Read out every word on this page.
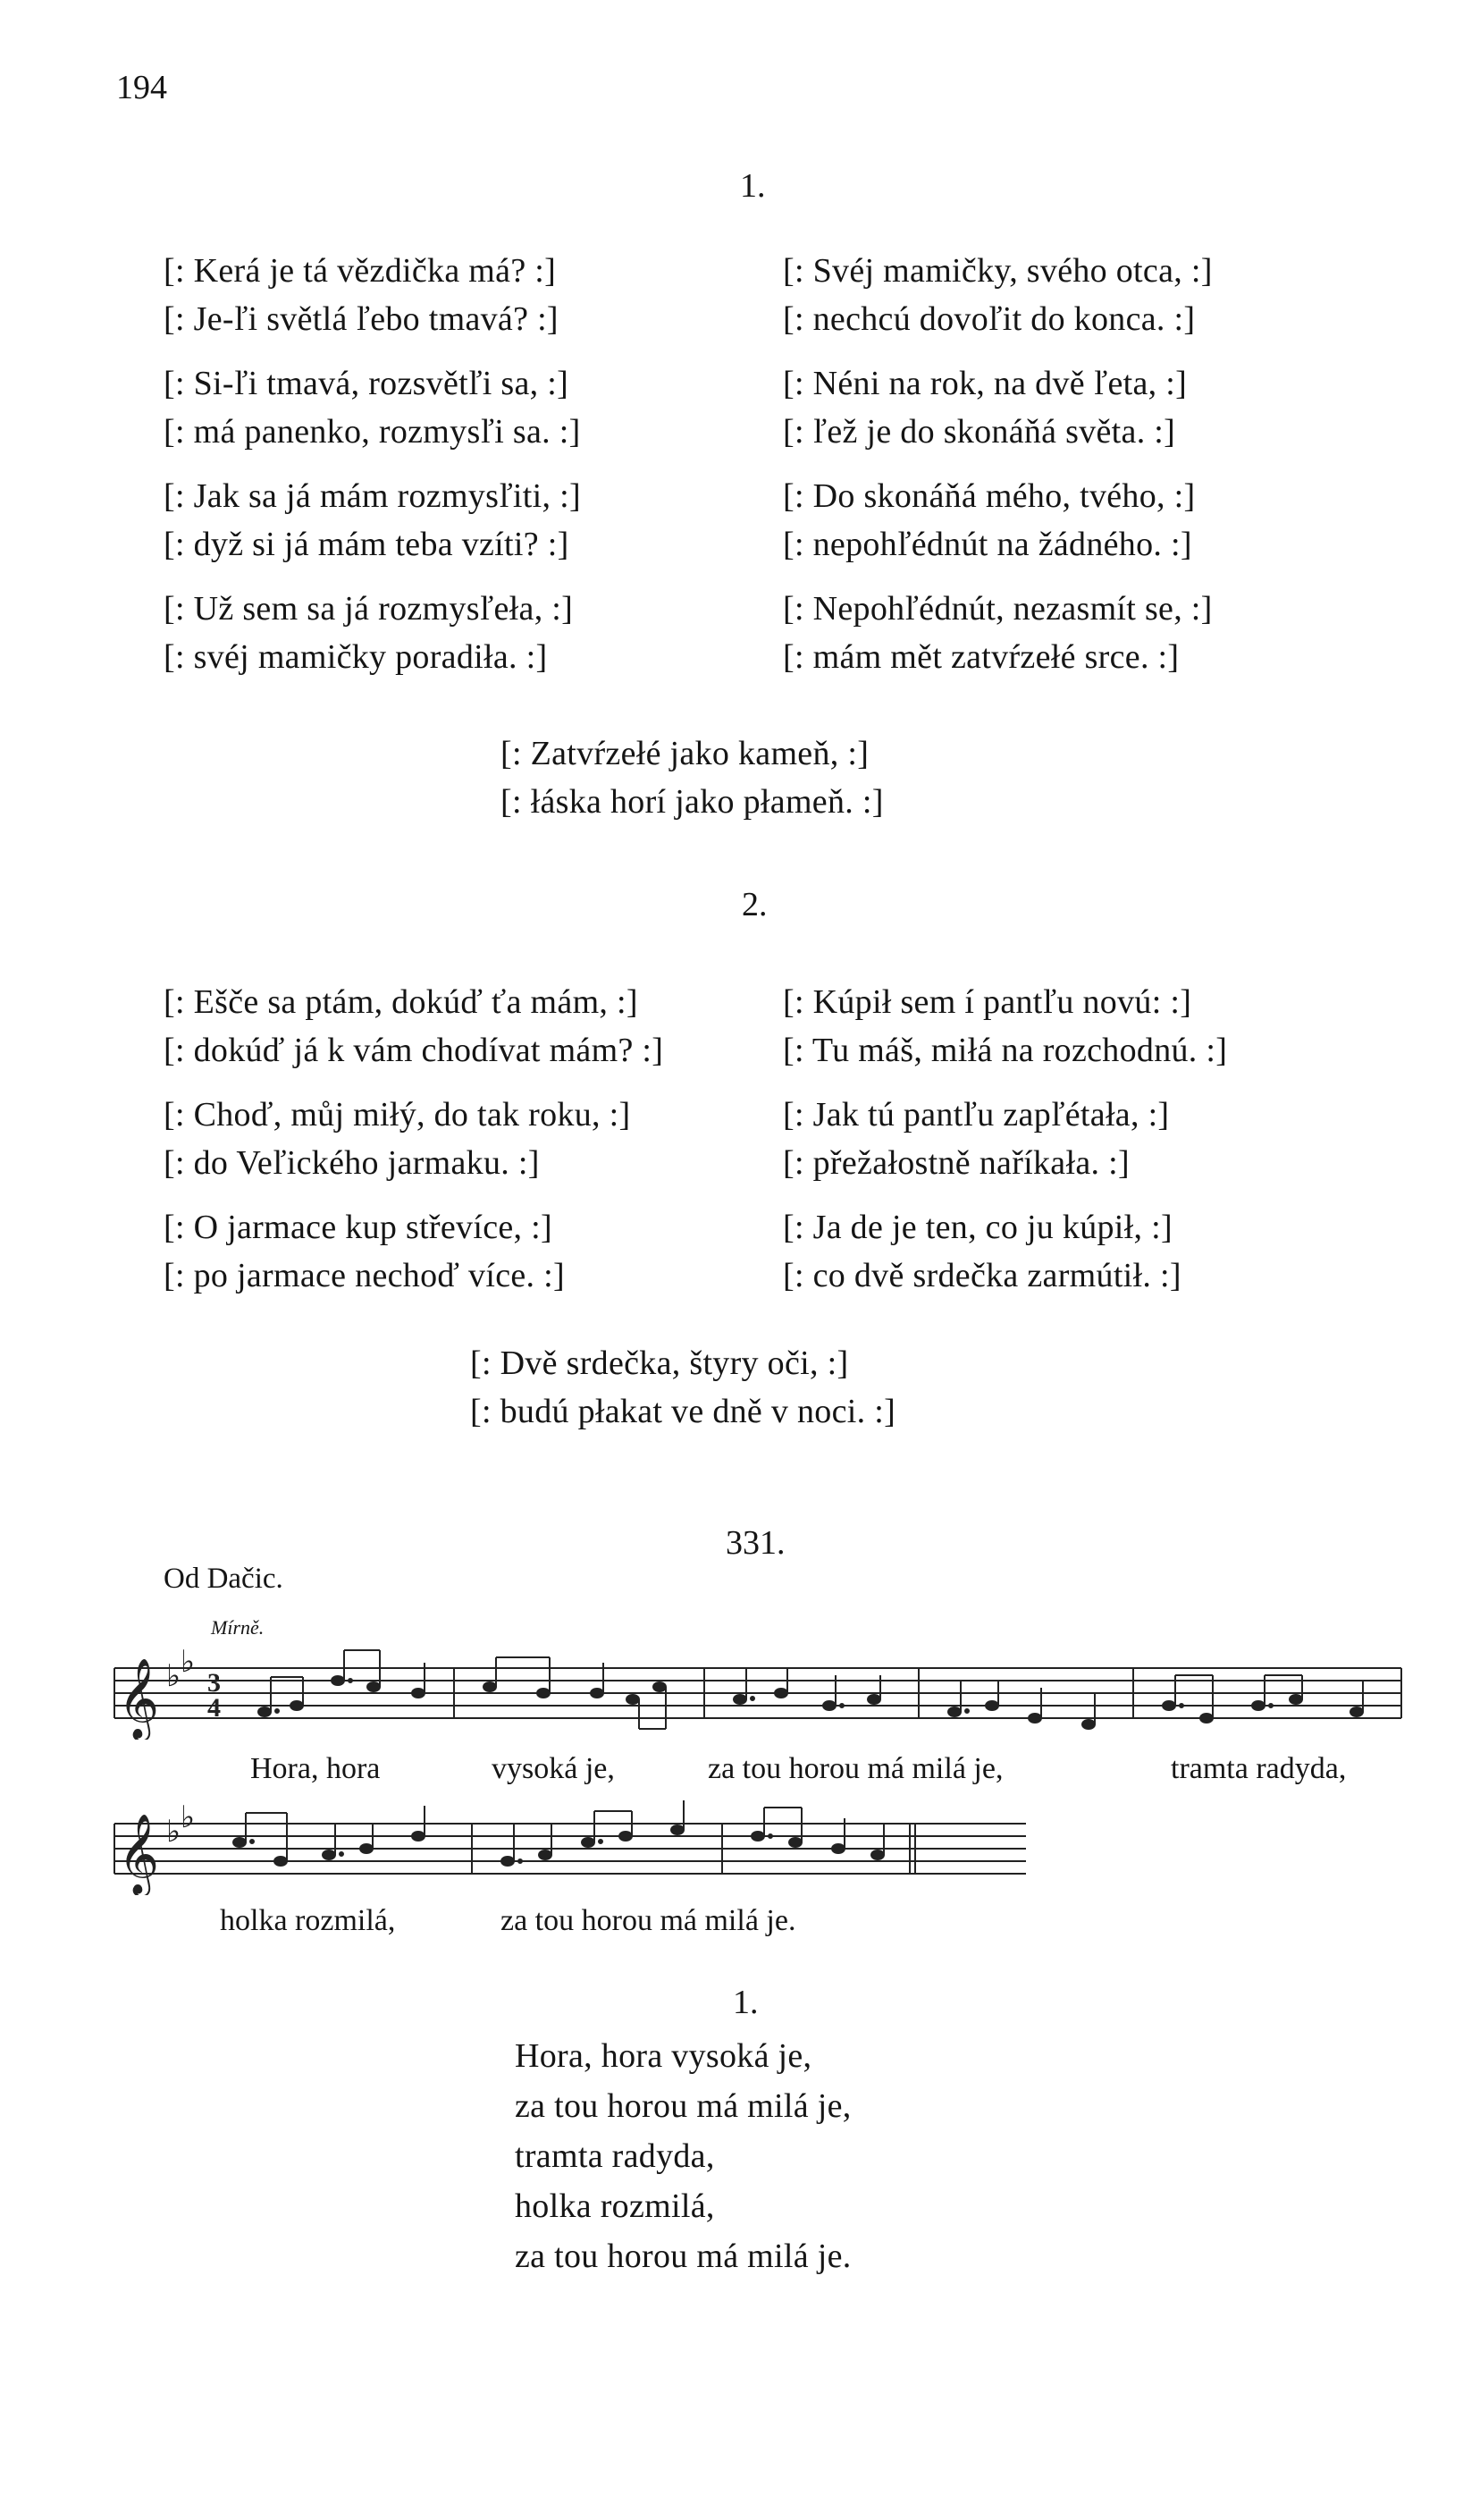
194
1.
[: Kerá je tá vězdička má? :]
[: Je-ľi světlá ľebo tmavá? :]
[: Si-ľi tmavá, rozsvětľi sa, :]
[: má panenko, rozmysľi sa. :]
[: Jak sa já mám rozmysľiti, :]
[: dyž si já mám teba vzíti? :]
[: Už sem sa já rozmysľeła, :]
[: svéj mamičky poradiła. :]
[: Svéj mamičky, svého otca, :]
[: nechcú dovoľit do konca. :]
[: Néni na rok, na dvě ľeta, :]
[: ľež je do skonáňá světa. :]
[: Do skonáňá mého, tvého, :]
[: nepohľédnút na žádného. :]
[: Nepohľédnút, nezasmít se, :]
[: mám mět zatvŕzełé srce. :]
[: Zatvŕzełé jako kameň, :]
[: łáska horí jako płameň. :]
2.
[: Ešče sa ptám, dokúď ťa mám, :]
[: dokúď já k vám chodívat mám? :]
[: Choď, můj miłý, do tak roku, :]
[: do Veľického jarmaku. :]
[: O jarmace kup střevíce, :]
[: po jarmace nechoď více. :]
[: Kúpił sem í pantľu novú: :]
[: Tu máš, miłá na rozchodnú. :]
[: Jak tú pantľu zapľétała, :]
[: přežałostně naříkała. :]
[: Ja de je ten, co ju kúpił, :]
[: co dvě srdečka zarmútił. :]
[: Dvě srdečka, štyry oči, :]
[: budú płakat ve dně v noci. :]
331.
Od Dačic.
Mírně.
𝄞 ♭ ♭
3
4
Hora, hora	vysoká je,	za tou horou má milá je,	tramta radyda,
𝄞 ♭ ♭
holka rozmilá,	za tou horou má milá je.
1.
Hora, hora vysoká je,
za tou horou má milá je,
tramta radyda,
holka rozmilá,
za tou horou má milá je.
